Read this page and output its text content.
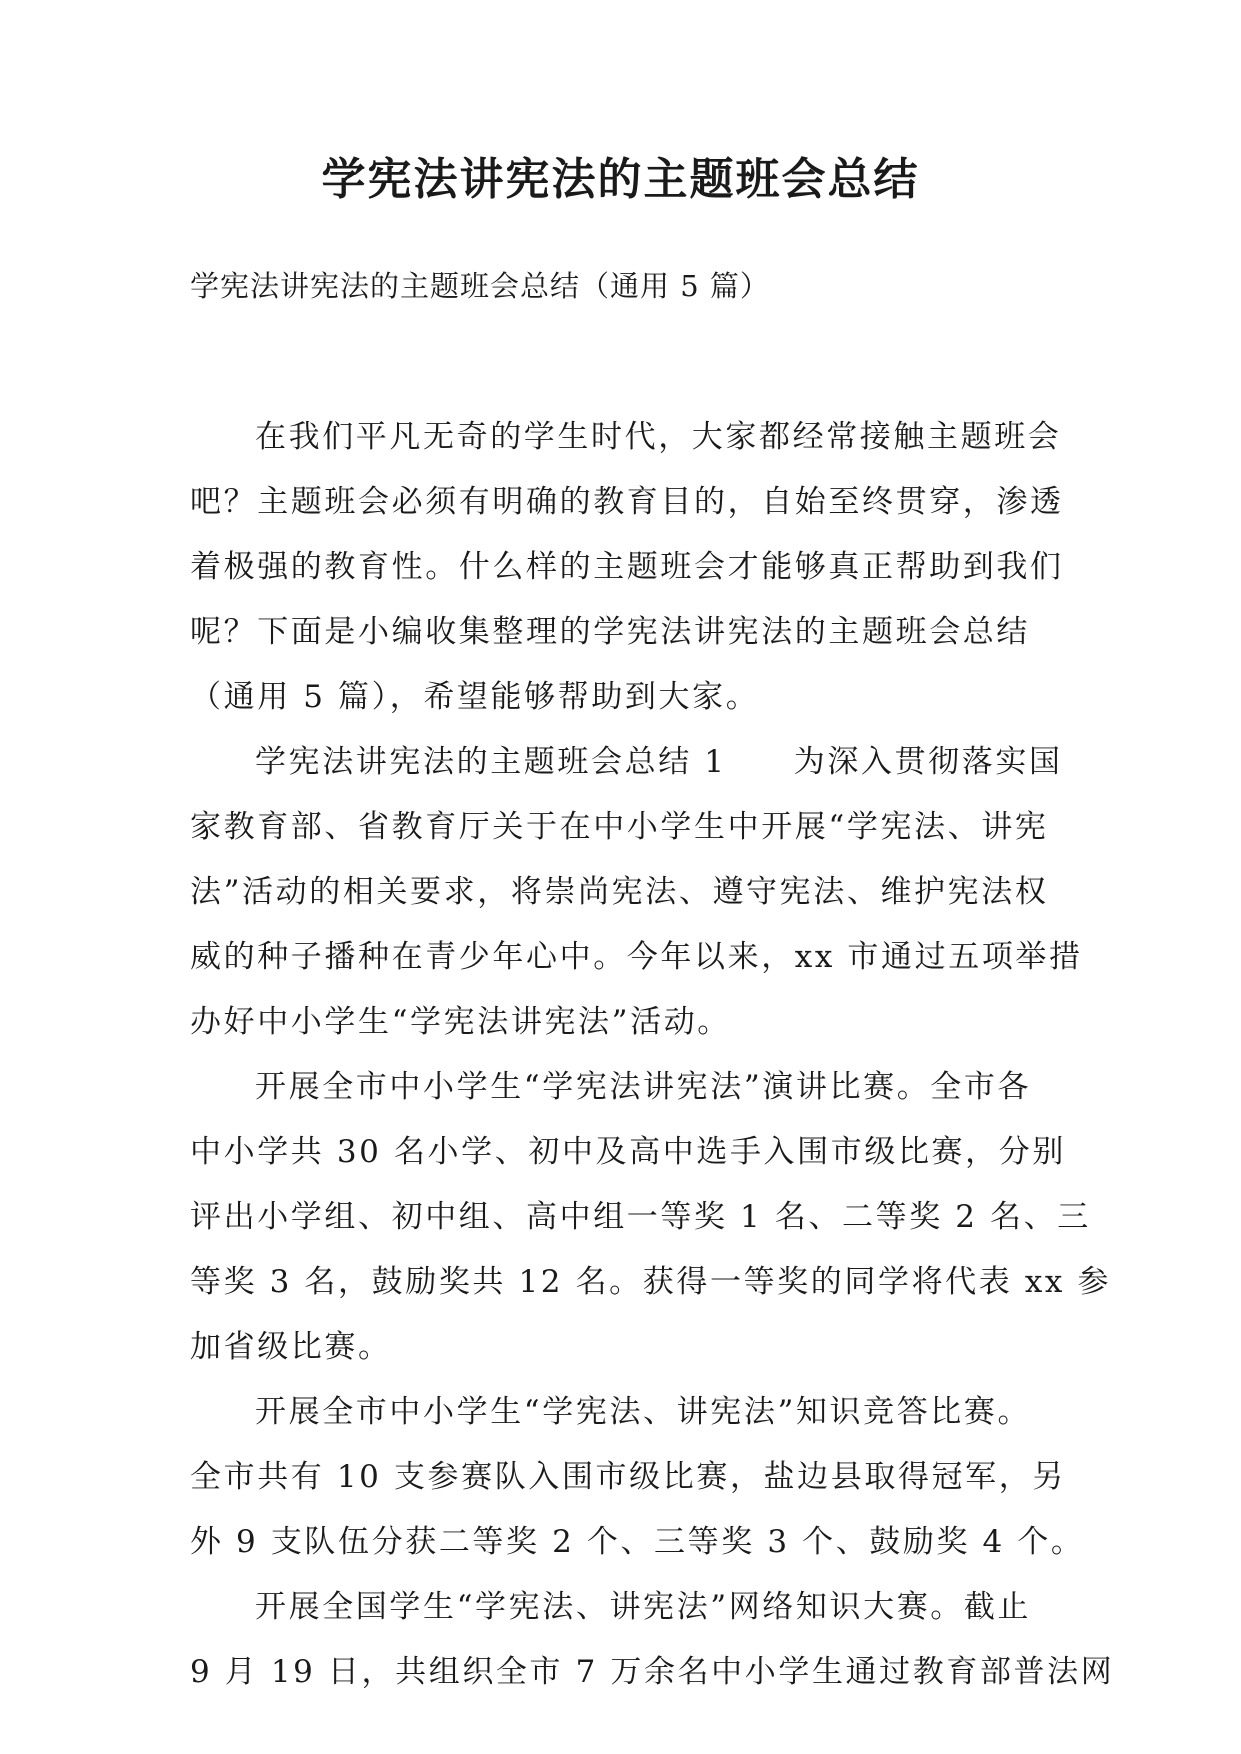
学宪法讲宪法的主题班会总结

学宪法讲宪法的主题班会总结（通用 5 篇）

在我们平凡无奇的学生时代，大家都经常接触主题班会
吧？主题班会必须有明确的教育目的，自始至终贯穿，渗透
着极强的教育性。什么样的主题班会才能够真正帮助到我们
呢？下面是小编收集整理的学宪法讲宪法的主题班会总结
（通用 5 篇），希望能够帮助到大家。
学宪法讲宪法的主题班会总结 1　　为深入贯彻落实国
家教育部、省教育厅关于在中小学生中开展“学宪法、讲宪
法”活动的相关要求，将崇尚宪法、遵守宪法、维护宪法权
威的种子播种在青少年心中。今年以来，xx 市通过五项举措
办好中小学生“学宪法讲宪法”活动。
开展全市中小学生“学宪法讲宪法”演讲比赛。全市各
中小学共 30 名小学、初中及高中选手入围市级比赛，分别
评出小学组、初中组、高中组一等奖 1 名、二等奖 2 名、三
等奖 3 名，鼓励奖共 12 名。获得一等奖的同学将代表 xx 参
加省级比赛。
开展全市中小学生“学宪法、讲宪法”知识竞答比赛。
全市共有 10 支参赛队入围市级比赛，盐边县取得冠军，另
外 9 支队伍分获二等奖 2 个、三等奖 3 个、鼓励奖 4 个。
开展全国学生“学宪法、讲宪法”网络知识大赛。截止
9 月 19 日，共组织全市 7 万余名中小学生通过教育部普法网
